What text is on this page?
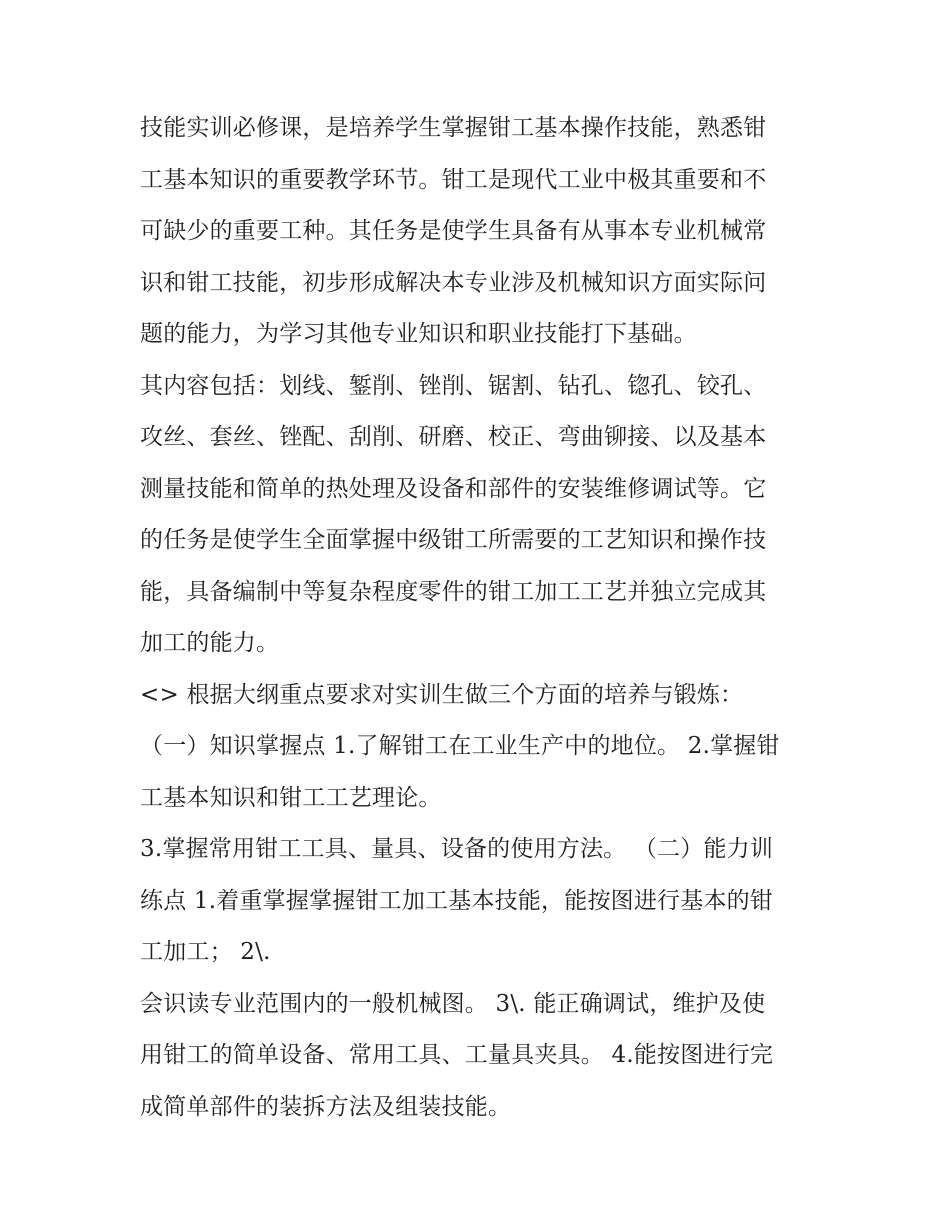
技能实训必修课，是培养学生掌握钳工基本操作技能，熟悉钳
工基本知识的重要教学环节。钳工是现代工业中极其重要和不
可缺少的重要工种。其任务是使学生具备有从事本专业机械常
识和钳工技能，初步形成解决本专业涉及机械知识方面实际问
题的能力，为学习其他专业知识和职业技能打下基础。

其内容包括：划线、錾削、锉削、锯割、钻孔、锪孔、铰孔、
攻丝、套丝、锉配、刮削、研磨、校正、弯曲铆接、以及基本
测量技能和简单的热处理及设备和部件的安装维修调试等。它
的任务是使学生全面掌握中级钳工所需要的工艺知识和操作技
能，具备编制中等复杂程度零件的钳工加工工艺并独立完成其
加工的能力。

<> 根据大纲重点要求对实训生做三个方面的培养与锻炼：

（一）知识掌握点 1.了解钳工在工业生产中的地位。 2.掌握钳
工基本知识和钳工工艺理论。

3.掌握常用钳工工具、量具、设备的使用方法。 （二）能力训
练点 1.着重掌握掌握钳工加工基本技能，能按图进行基本的钳
工加工； 2\.

会识读专业范围内的一般机械图。 3\. 能正确调试，维护及使
用钳工的简单设备、常用工具、工量具夹具。 4.能按图进行完
成简单部件的装拆方法及组装技能。
